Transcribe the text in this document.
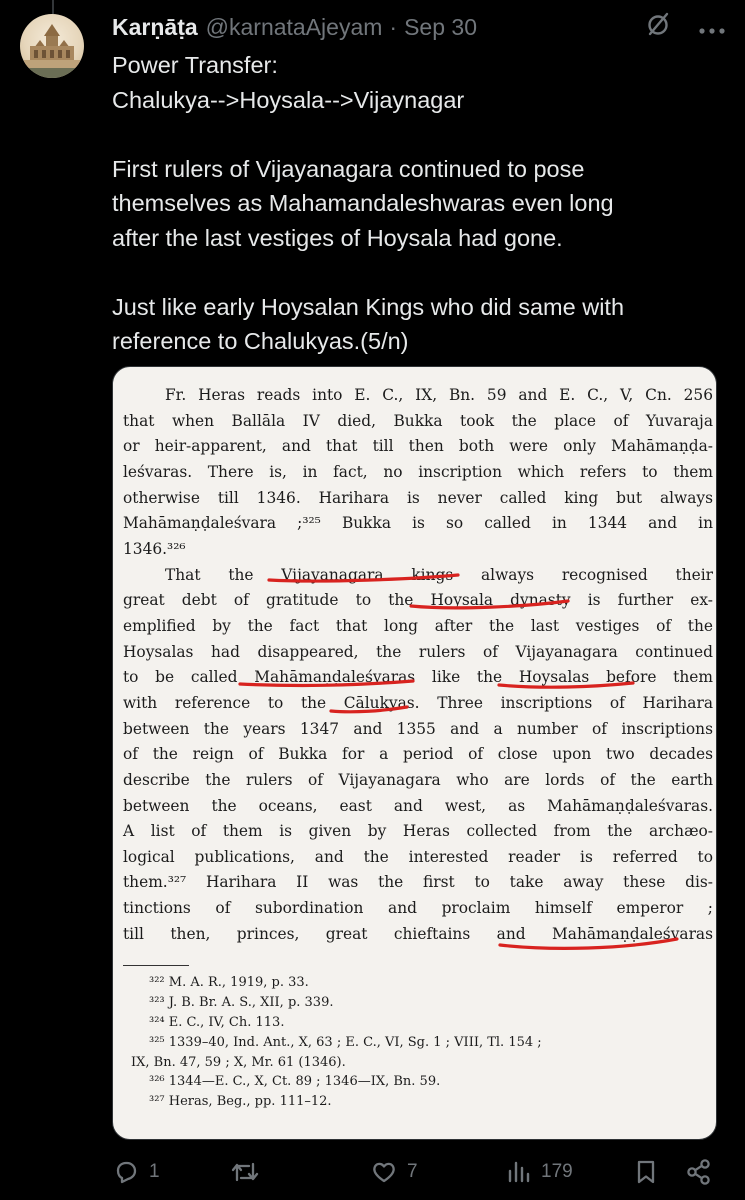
Karṇāṭa @karnataAjeyam · Sep 30

Power Transfer:

Chalukya-->Hoysala-->Vijaynagar

First rulers of Vijayanagara continued to pose

themselves as Mahamandaleshwaras even long

after the last vestiges of Hoysala had gone.

Just like early Hoysalan Kings who did same with

reference to Chalukyas.(5/n)

Fr. Heras reads into E. C., IX, Bn. 59 and E. C., V, Cn. 256
that when Ballāla IV died, Bukka took the place of Yuvaraja
or heir-apparent, and that till then both were only Mahāmaṇḍa-
leśvaras. There is, in fact, no inscription which refers to them
otherwise till 1346. Harihara is never called king but always
Mahāmaṇḍaleśvara ;³²⁵ Bukka is so called in 1344 and in
1346.³²⁶
That the Vijayanagara kings always recognised their
great debt of gratitude to the Hoysala dynasty is further ex-
emplified by the fact that long after the last vestiges of the
Hoysalas had disappeared, the rulers of Vijayanagara continued
to be called Mahāmaṇḍaleśvaras like the Hoysalas before them
with reference to the Cālukyas. Three inscriptions of Harihara
between the years 1347 and 1355 and a number of inscriptions
of the reign of Bukka for a period of close upon two decades
describe the rulers of Vijayanagara who are lords of the earth
between the oceans, east and west, as Mahāmaṇḍaleśvaras.
A list of them is given by Heras collected from the archæo-
logical publications, and the interested reader is referred to
them.³²⁷ Harihara II was the first to take away these dis-
tinctions of subordination and proclaim himself emperor ;
till then, princes, great chieftains and Mahāmaṇḍaleśvaras
³²² M. A. R., 1919, p. 33.
³²³ J. B. Br. A. S., XII, p. 339.
³²⁴ E. C., IV, Ch. 113.
³²⁵ 1339–40, Ind. Ant., X, 63 ; E. C., VI, Sg. 1 ; VIII, Tl. 154 ;
IX, Bn. 47, 59 ; X, Mr. 61 (1346).
³²⁶ 1344—E. C., X, Ct. 89 ; 1346—IX, Bn. 59.
³²⁷ Heras, Beg., pp. 111–12.
1	7	179
